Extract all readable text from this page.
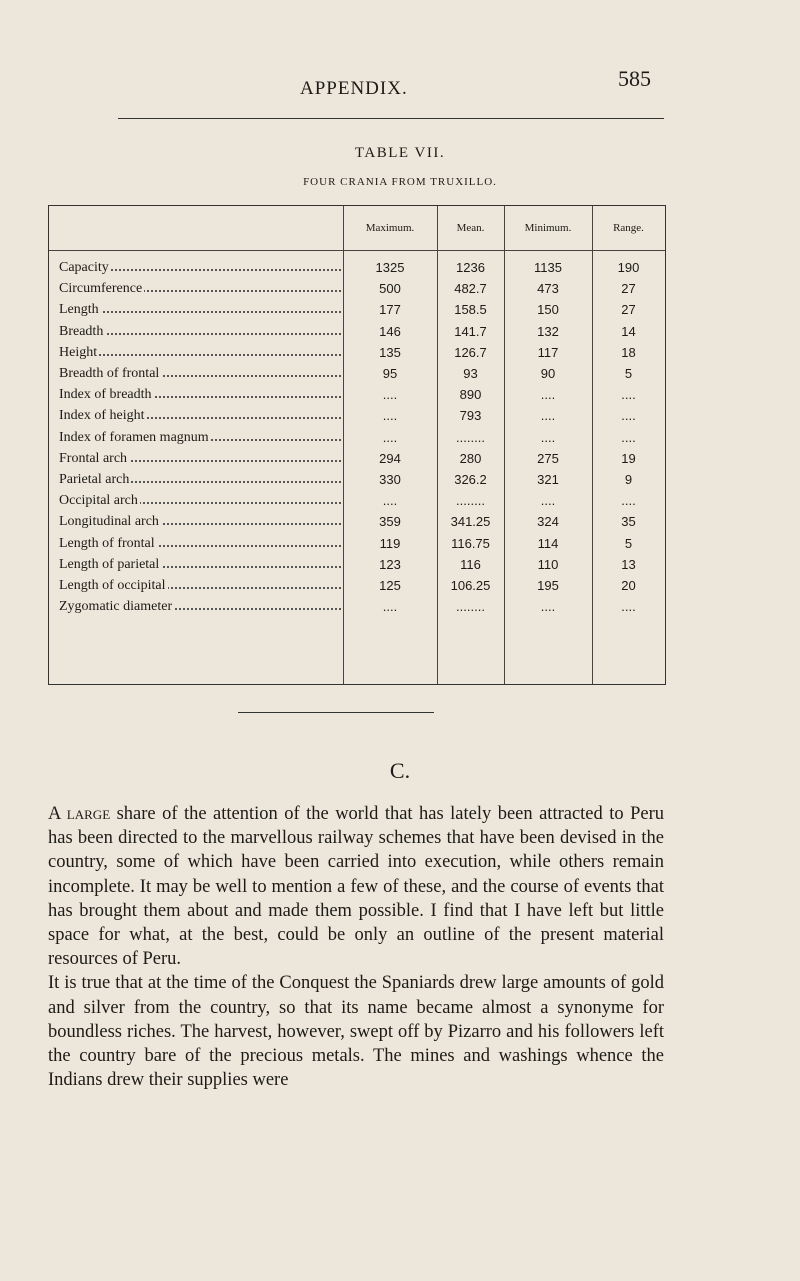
APPENDIX.	585
TABLE VII.
FOUR CRANIA FROM TRUXILLO.
Maximum.	Mean.	Minimum.	Range.
Capacity	1325	1236	1135	190
Circumference	500	482.7	473	27
Length	177	158.5	150	27
Breadth	146	141.7	132	14
Height	135	126.7	117	18
Breadth of frontal	95	93	90	5
Index of breadth	....	890	....	....
Index of height	....	793	....	....
Index of foramen magnum	....	........	....	....
Frontal arch	294	280	275	19
Parietal arch	330	326.2	321	9
Occipital arch	....	........	....	....
Longitudinal arch	359	341.25	324	35
Length of frontal	119	116.75	114	5
Length of parietal	123	116	110	13
Length of occipital	125	106.25	195	20
Zygomatic diameter	....	........	....	....
C.

A large share of the attention of the world that has lately been attracted to Peru has been directed to the marvellous railway schemes that have been devised in the country, some of which have been carried into execution, while others remain incomplete. It may be well to mention a few of these, and the course of events that has brought them about and made them possible. I find that I have left but little space for what, at the best, could be only an outline of the present material resources of Peru.

It is true that at the time of the Conquest the Spaniards drew large amounts of gold and silver from the country, so that its name became almost a synonyme for boundless riches. The harvest, however, swept off by Pizarro and his followers left the country bare of the precious metals. The mines and washings whence the Indians drew their supplies were
